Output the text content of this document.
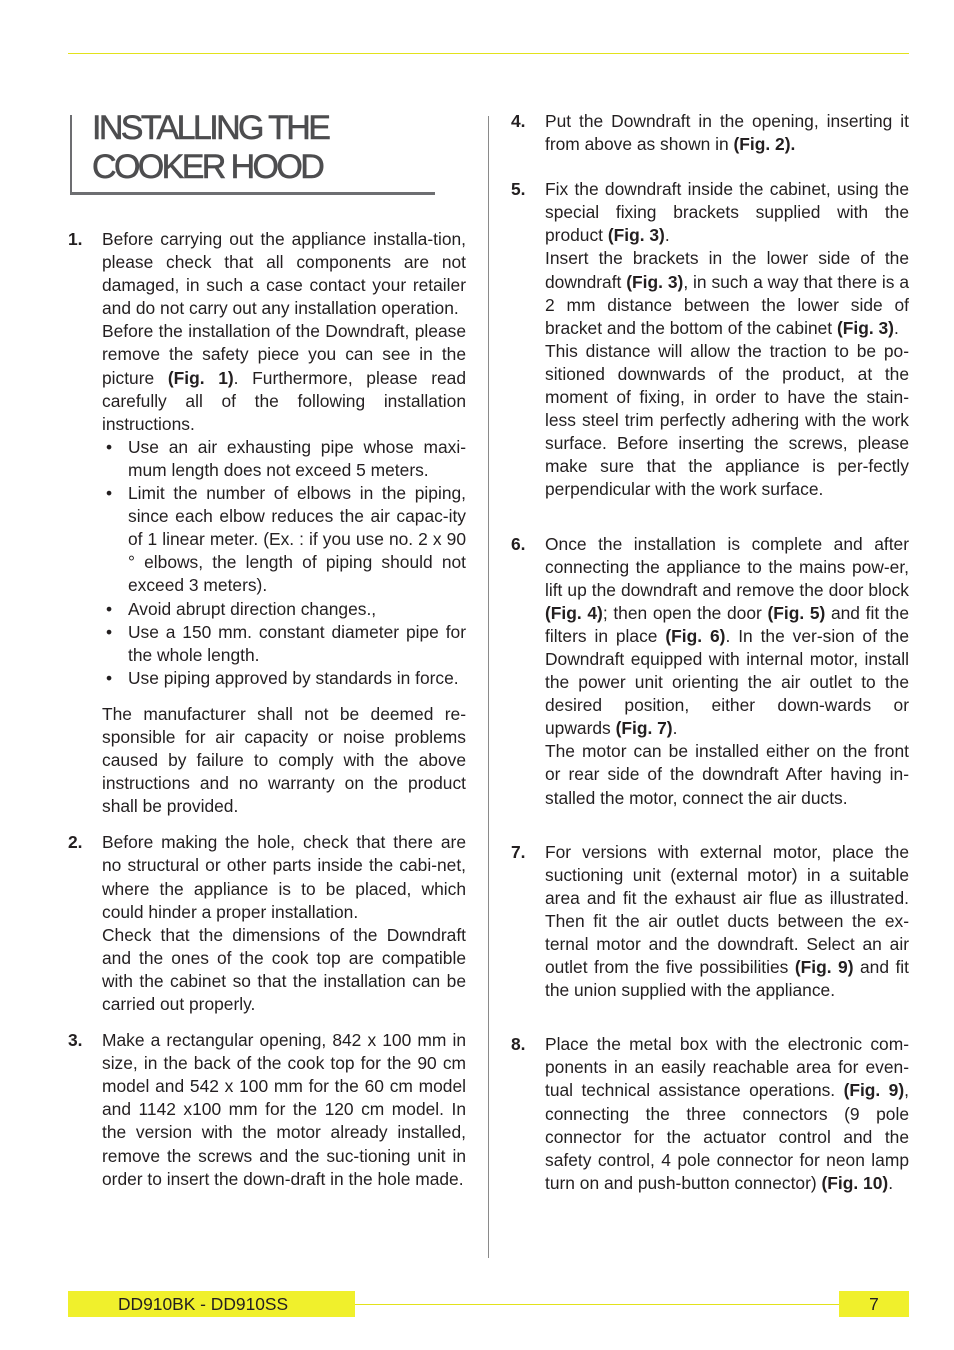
INSTALLING THE
COOKER HOOD
1. Before carrying out the appliance installa-tion, please check that all components are not damaged, in such a case contact your retailer and do not carry out any installation operation.

Before the installation of the Downdraft, please remove the safety piece you can see in the picture (Fig. 1). Furthermore, please read carefully all of the following installation instructions.

• Use an air exhausting pipe whose maxi-mum length does not exceed 5 meters.
• Limit the number of elbows in the piping, since each elbow reduces the air capac-ity of 1 linear meter. (Ex. : if you use no. 2 x 90 ° elbows, the length of piping should not exceed 3 meters).
• Avoid abrupt direction changes.,
• Use a 150 mm. constant diameter pipe for the whole length.
• Use piping approved by standards in force.

The manufacturer shall not be deemed re-sponsible for air capacity or noise problems caused by failure to comply with the above instructions and no warranty on the product shall be provided.

2. Before making the hole, check that there are no structural or other parts inside the cabi-net, where the appliance is to be placed, which could hinder a proper installation.

Check that the dimensions of the Downdraft and the ones of the cook top are compatible with the cabinet so that the installation can be carried out properly.

3. Make a rectangular opening, 842 x 100 mm in size, in the back of the cook top for the 90 cm model and 542 x 100 mm for the 60 cm model and 1142 x100 mm for the 120 cm model. In the version with the motor already installed, remove the screws and the suc-tioning unit in order to insert the down-draft in the hole made.

4. Put the Downdraft in the opening, inserting it from above as shown in (Fig. 2).

5. Fix the downdraft inside the cabinet, using the special fixing brackets supplied with the product (Fig. 3).

Insert the brackets in the lower side of the downdraft (Fig. 3), in such a way that there is a 2 mm distance between the lower side of bracket and the bottom of the cabinet (Fig. 3).

This distance will allow the traction to be po-sitioned downwards of the product, at the moment of fixing, in order to have the stain-less steel trim perfectly adhering with the work surface. Before inserting the screws, please make sure that the appliance is per-fectly perpendicular with the work surface.

6. Once the installation is complete and after connecting the appliance to the mains pow-er, lift up the downdraft and remove the door block (Fig. 4); then open the door (Fig. 5) and fit the filters in place (Fig. 6). In the ver-sion of the Downdraft equipped with internal motor, install the power unit orienting the air outlet to the desired position, either down-wards or upwards (Fig. 7).

The motor can be installed either on the front or rear side of the downdraft After having in-stalled the motor, connect the air ducts.

7. For versions with external motor, place the suctioning unit (external motor) in a suitable area and fit the exhaust air flue as illustrated. Then fit the air outlet ducts between the ex-ternal motor and the downdraft. Select an air outlet from the five possibilities (Fig. 9) and fit the union supplied with the appliance.

8. Place the metal box with the electronic com-ponents in an easily reachable area for even-tual technical assistance operations. (Fig. 9), connecting the three connectors (9 pole connector for the actuator control and the safety control, 4 pole connector for neon lamp turn on and push-button connector) (Fig. 10).

DD910BK - DD910SS	7
